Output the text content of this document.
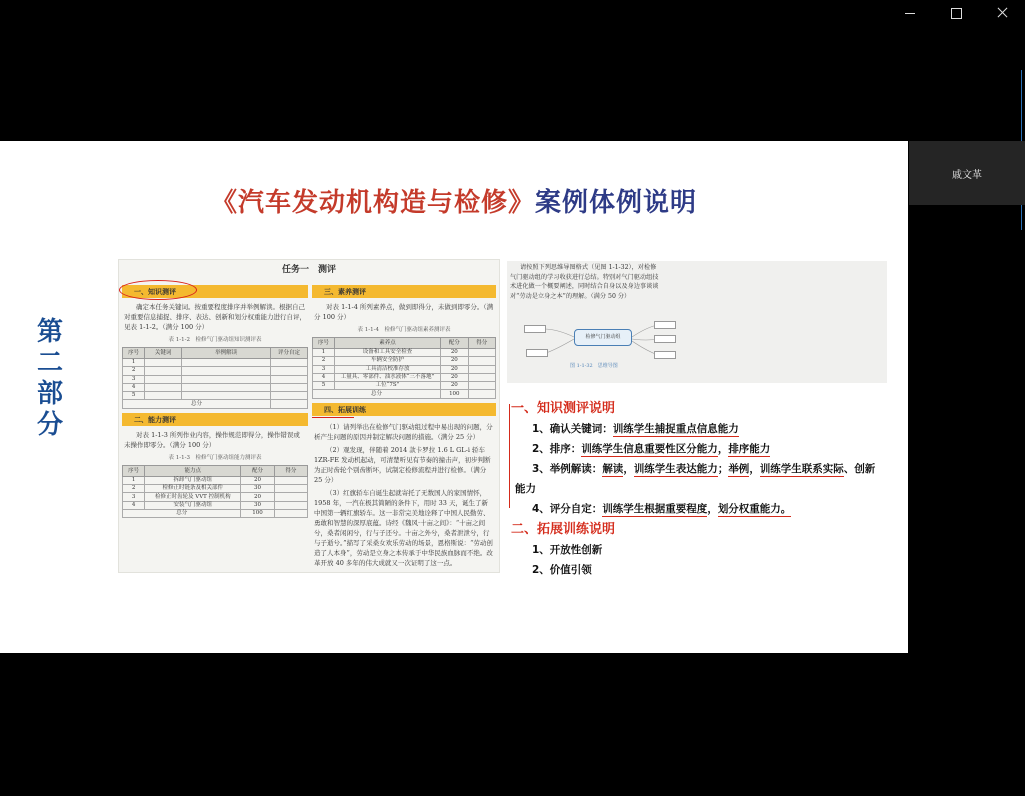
戚文革
《汽车发动机构造与检修》案例体例说明
第
二
部
分
任务一　测评
一、知识测评
确定本任务关键词。按重要程度排序并举例解读。根据自己对重要信息捕捉、排序、表达、创新和划分权重能力进行自评，见表 1-1-2。（满分 100 分）
表 1-1-2　检修气门驱动组知识测评表
序号	关键词	举例解读	评分自定
1			
2			
3			
4			
5			
总分			
二、能力测评
对表 1-1-3 所列作业内容，操作规范即得分，操作错误或未操作即零分。（满分 100 分）
表 1-1-3　检修气门驱动组能力测评表
序号	能力点	配分	得分
1	拆卸气门驱动组	20	
2	检修正时链条及相关部件	30	
3	检修正时齿轮及 VVT 控制机构	20	
4	安装气门驱动组	30	
总分		100	
三、素养测评
对表 1-1-4 所列素养点，做到即得分，未做到即零分。（满分 100 分）
表 1-1-4　检修气门驱动组素养测评表
序号	素养点	配分	得分
1	设备和工具安全检查	20	
2	车辆安全防护	20	
3	工具清洁校准存放	20	
4	工量具、零部件、油水液体“三不落地”	20	
5	工位“7S”	20	
总分		100	
四、拓展训练
（1）请列举出在检修气门驱动组过程中易出现的问题，分析产生问题的原因并制定解决问题的措施。（满分 25 分）
（2）观发现，伴随着 2014 款卡罗拉 1.6 L GL-i 轿车 1ZR-FE 发动机起动，可清楚听见有节奏的撞击声，初步判断为正时齿轮个别齿断坏，试制定检修流程并进行检修。（满分 25 分）
（3）红旗轿车自诞生起就寄托了无数国人的家国情怀，1958 年，一汽在极其简陋的条件下，用时 33 天，诞生了新中国第一辆红旗轿车。这一非常完美地诠释了中国人民勤劳、勇敢和智慧的深厚底蕴。诗经《魏风·十亩之间》：“十亩之间兮，桑者闲闲兮，行与子还兮。十亩之外兮，桑者泄泄兮，行与子逝兮。”描写了采桑女欢乐劳动的场景，恩格斯说：“劳动创造了人本身”，劳动是立身之本传承于中华民族血脉而不绝。改革开放 40 多年的伟大成就又一次证明了这一点。
请按照下列思维导图格式（见图 1-1-32），对检修气门驱动组的学习收获进行总结。特别对气门驱动组技术进化做一个概要阐述，同时结合自身以及身边事谈谈对“劳动是立身之本”的理解。（满分 50 分）
检修气门驱动组
图 1-1-32　思维导图
一、知识测评说明
1、确认关键词：训练学生捕捉重点信息能力
2、排序：训练学生信息重要性区分能力，排序能力
3、举例解读：解读，训练学生表达能力；举例，训练学生联系实际、创新
能力
4、评分自定：训练学生根据重要程度，划分权重能力。
二、拓展训练说明
1、开放性创新
2、价值引领
